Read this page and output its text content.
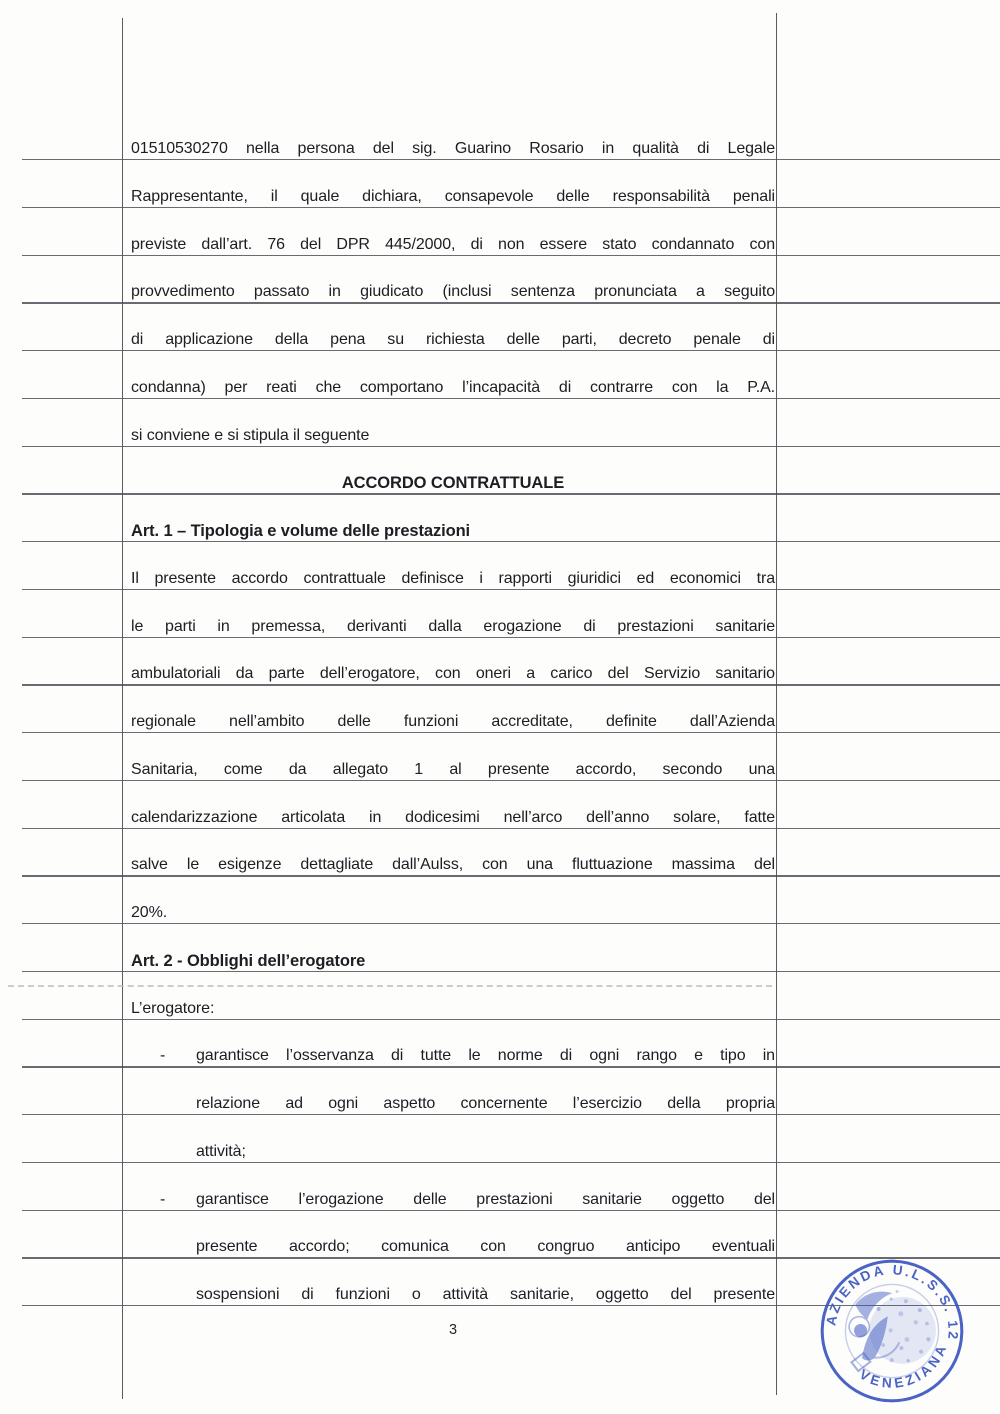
01510530270 nella persona del sig. Guarino Rosario in qualità di Legale
Rappresentante, il quale dichiara, consapevole delle responsabilità penali
previste dall’art. 76 del DPR 445/2000, di non essere stato condannato con
provvedimento passato in giudicato (inclusi sentenza pronunciata a seguito
di applicazione della pena su richiesta delle parti, decreto penale di
condanna) per reati che comportano l’incapacità di contrarre con la P.A.
si conviene e si stipula il seguente
ACCORDO CONTRATTUALE
Art. 1 – Tipologia e volume delle prestazioni
Il presente accordo contrattuale definisce i rapporti giuridici ed economici tra
le parti in premessa, derivanti dalla erogazione di prestazioni sanitarie
ambulatoriali da parte dell’erogatore, con oneri a carico del Servizio sanitario
regionale nell’ambito delle funzioni accreditate, definite dall’Azienda
Sanitaria, come da allegato 1 al presente accordo, secondo una
calendarizzazione articolata in dodicesimi nell’arco dell’anno solare, fatte
salve le esigenze dettagliate dall’Aulss, con una fluttuazione massima del
20%.
Art. 2 - Obblighi dell’erogatore
L’erogatore:
-	garantisce l’osservanza di tutte le norme di ogni rango e tipo in
relazione ad ogni aspetto concernente l’esercizio della propria
attività;
-	garantisce l’erogazione delle prestazioni sanitarie oggetto del
presente accordo; comunica con congruo anticipo eventuali
sospensioni di funzioni o attività sanitarie, oggetto del presente
3
AZIENDA U.L.S.S. 12
VENEZIANA
